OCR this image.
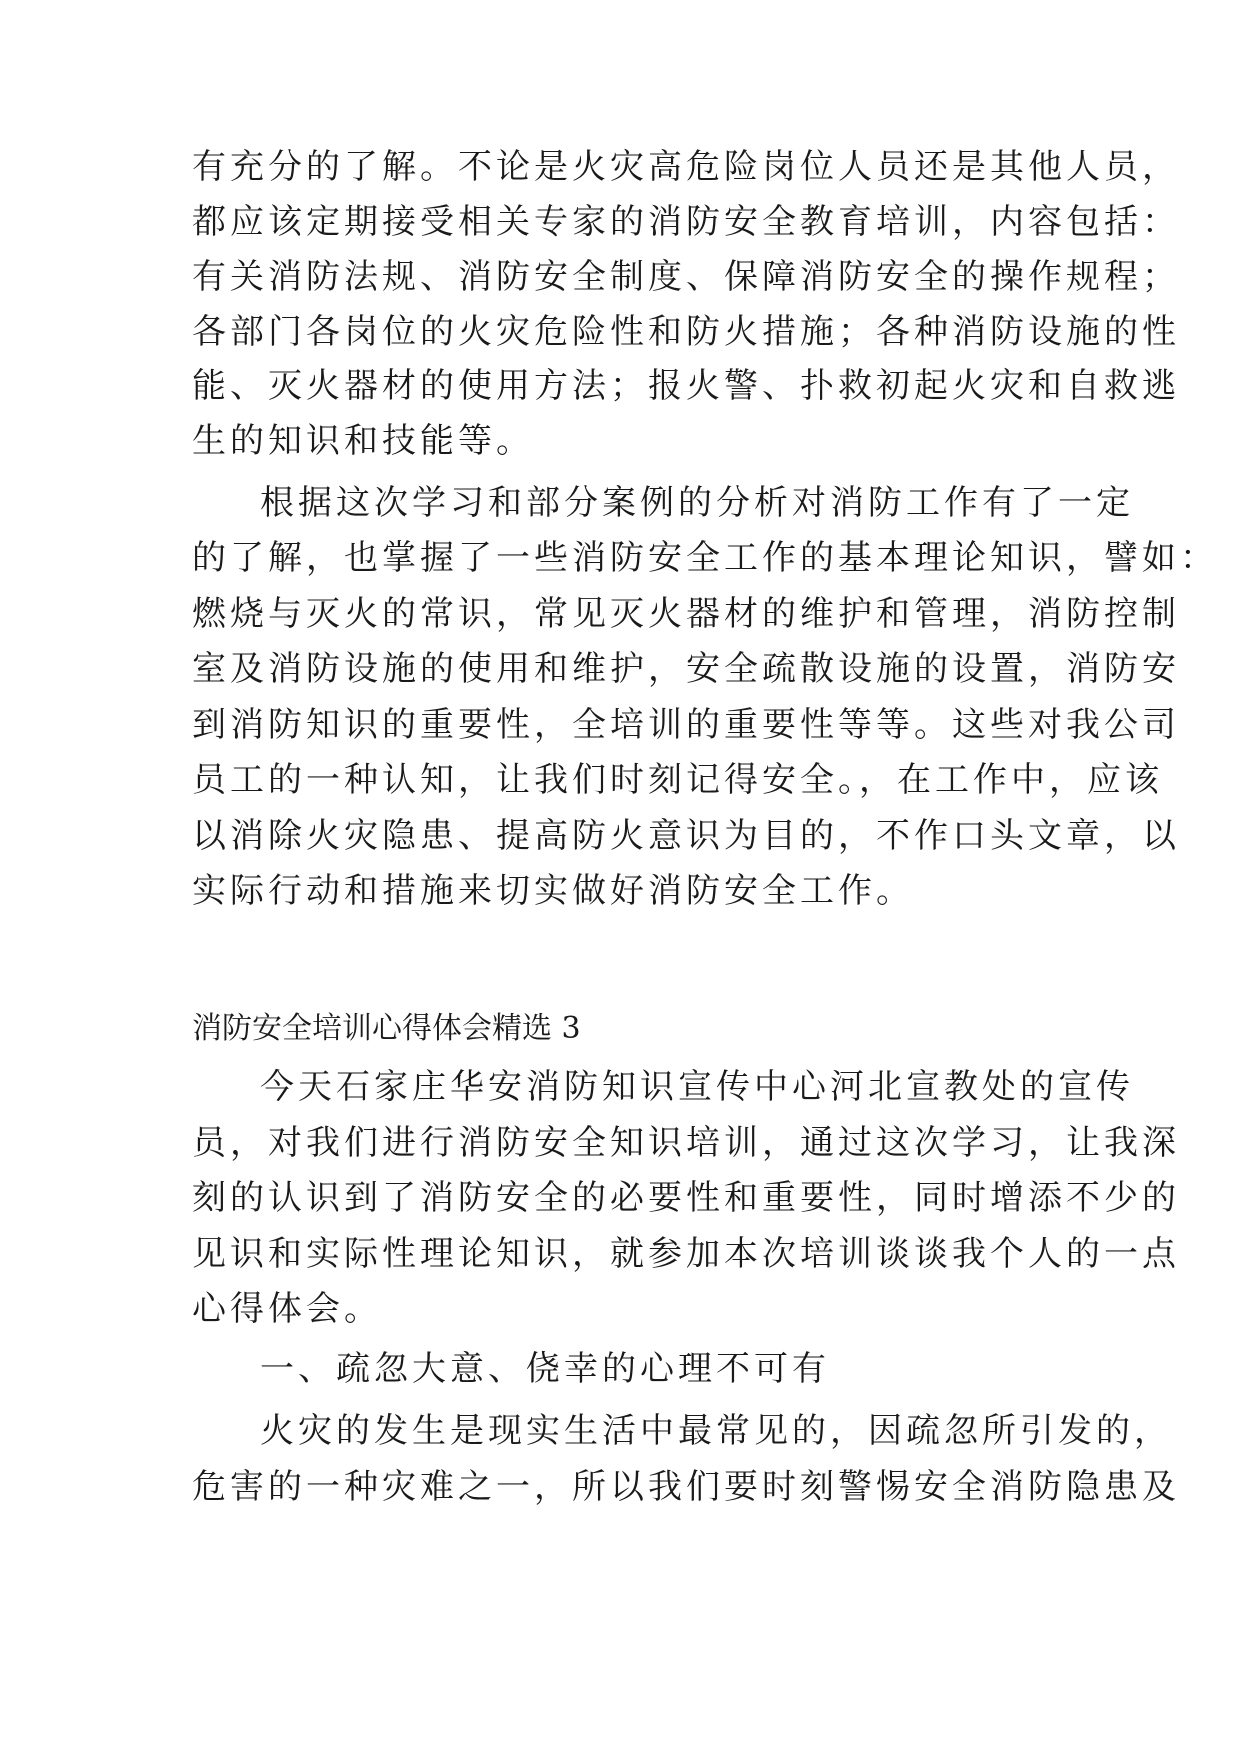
有充分的了解。不论是火灾高危险岗位人员还是其他人员，
都应该定期接受相关专家的消防安全教育培训，内容包括：
有关消防法规、消防安全制度、保障消防安全的操作规程；
各部门各岗位的火灾危险性和防火措施；各种消防设施的性
能、灭火器材的使用方法；报火警、扑救初起火灾和自救逃
生的知识和技能等。
根据这次学习和部分案例的分析对消防工作有了一定
的了解，也掌握了一些消防安全工作的基本理论知识，譬如：
燃烧与灭火的常识，常见灭火器材的维护和管理，消防控制
室及消防设施的使用和维护，安全疏散设施的设置，消防安
到消防知识的重要性，全培训的重要性等等。这些对我公司
员工的一种认知，让我们时刻记得安全。，在工作中，应该
以消除火灾隐患、提高防火意识为目的，不作口头文章，以
实际行动和措施来切实做好消防安全工作。
消防安全培训心得体会精选 3
今天石家庄华安消防知识宣传中心河北宣教处的宣传
员，对我们进行消防安全知识培训，通过这次学习，让我深
刻的认识到了消防安全的必要性和重要性，同时增添不少的
见识和实际性理论知识，就参加本次培训谈谈我个人的一点
心得体会。
一、疏忽大意、侥幸的心理不可有
火灾的发生是现实生活中最常见的，因疏忽所引发的，
危害的一种灾难之一，所以我们要时刻警惕安全消防隐患及
